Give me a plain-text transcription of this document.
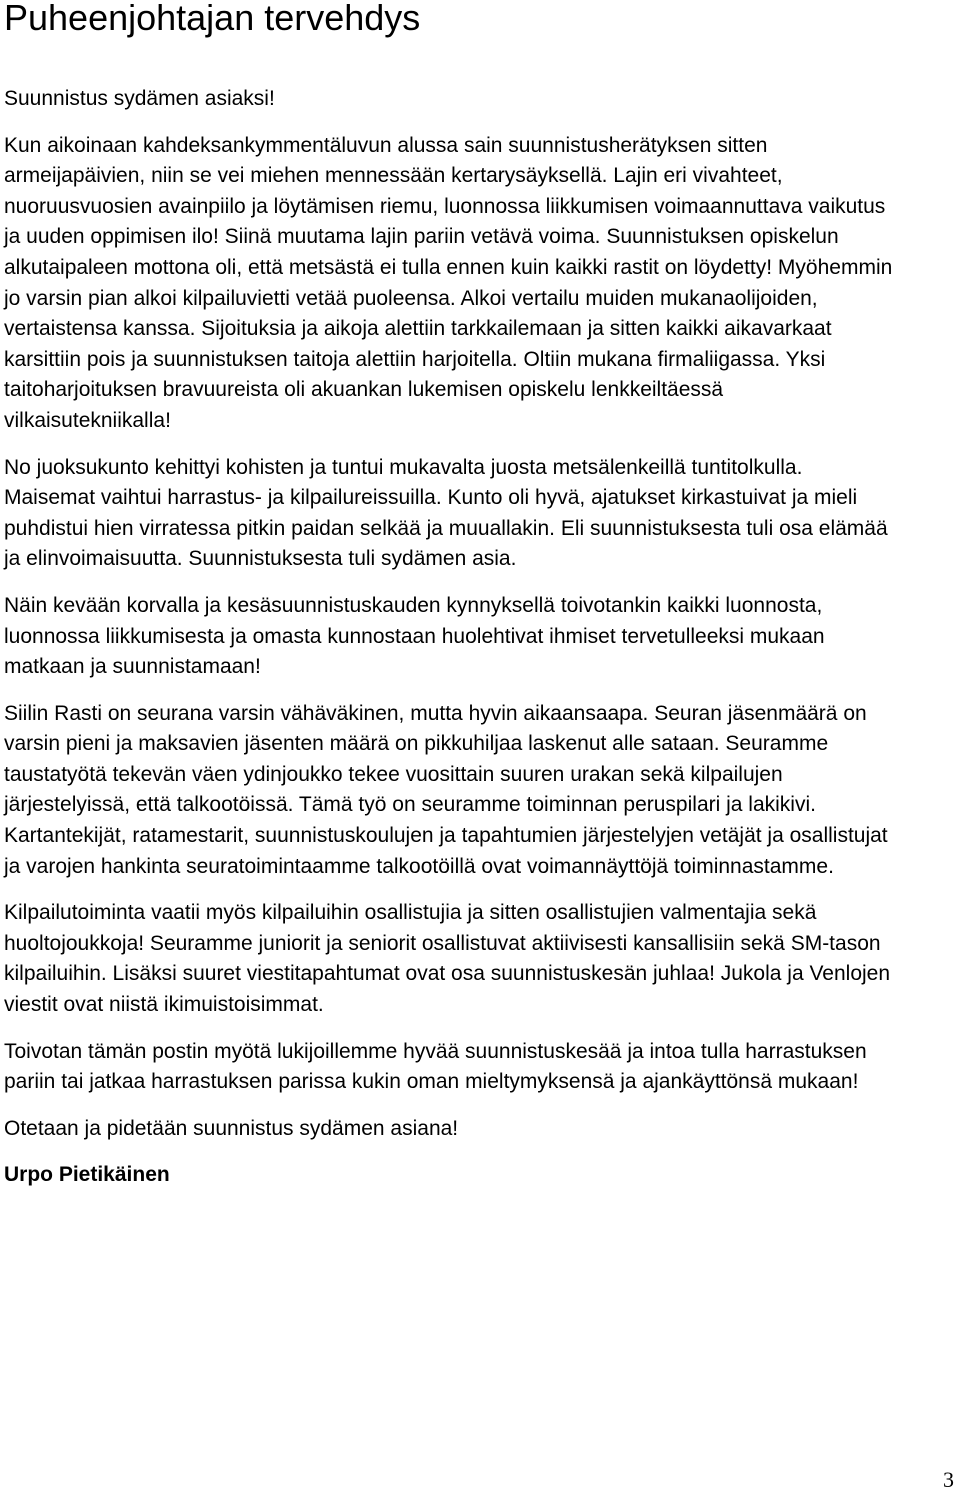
Puheenjohtajan tervehdys

Suunnistus sydämen asiaksi!

Kun aikoinaan kahdeksankymmentäluvun alussa sain suunnistusherätyksen sitten armeijapäivien, niin se vei miehen mennessään kertarysäyksellä. Lajin eri vivahteet, nuoruusvuosien avainpiilo ja löytämisen riemu, luonnossa liikkumisen voimaannuttava vaikutus ja uuden oppimisen ilo! Siinä muutama lajin pariin vetävä voima. Suunnistuksen opiskelun alkutaipaleen mottona oli, että metsästä ei tulla ennen kuin kaikki rastit on löydetty! Myöhemmin jo varsin pian alkoi kilpailuvietti vetää puoleensa. Alkoi vertailu muiden mukanaolijoiden, vertaistensa kanssa. Sijoituksia ja aikoja alettiin tarkkailemaan ja sitten kaikki aikavarkaat karsittiin pois ja suunnistuksen taitoja alettiin harjoitella. Oltiin mukana firmaliigassa. Yksi taitoharjoituksen bravuureista oli akuankan lukemisen opiskelu lenkkeiltäessä vilkaisutekniikalla!

No juoksukunto kehittyi kohisten ja tuntui mukavalta juosta metsälenkeillä tuntitolkulla. Maisemat vaihtui harrastus- ja kilpailureissuilla. Kunto oli hyvä, ajatukset kirkastuivat ja mieli puhdistui hien virratessa pitkin paidan selkää ja muuallakin. Eli suunnistuksesta tuli osa elämää ja elinvoimaisuutta. Suunnistuksesta tuli sydämen asia.

Näin kevään korvalla ja kesäsuunnistuskauden kynnyksellä toivotankin kaikki luonnosta, luonnossa liikkumisesta ja omasta kunnostaan huolehtivat ihmiset tervetulleeksi mukaan matkaan ja suunnistamaan!

Siilin Rasti on seurana varsin vähäväkinen, mutta hyvin aikaansaapa. Seuran jäsenmäärä on varsin pieni ja maksavien jäsenten määrä on pikkuhiljaa laskenut alle sataan. Seuramme taustatyötä tekevän väen ydinjoukko tekee vuosittain suuren urakan sekä kilpailujen järjestelyissä, että talkootöissä. Tämä työ on seuramme toiminnan peruspilari ja lakikivi. Kartantekijät, ratamestarit, suunnistuskoulujen ja tapahtumien järjestelyjen vetäjät ja osallistujat ja varojen hankinta seuratoimintaamme talkootöillä ovat voimannäyttöjä toiminnastamme.

Kilpailutoiminta vaatii myös kilpailuihin osallistujia ja sitten osallistujien valmentajia sekä huoltojoukkoja! Seuramme juniorit ja seniorit osallistuvat aktiivisesti kansallisiin sekä SM-tason kilpailuihin. Lisäksi suuret viestitapahtumat ovat osa suunnistuskesän juhlaa! Jukola ja Venlojen viestit ovat niistä ikimuistoisimmat.

Toivotan tämän postin myötä lukijoillemme hyvää suunnistuskesää ja intoa tulla harrastuksen pariin tai jatkaa harrastuksen parissa kukin oman mieltymyksensä ja ajankäyttönsä mukaan!

Otetaan ja pidetään suunnistus sydämen asiana!

Urpo Pietikäinen

3
